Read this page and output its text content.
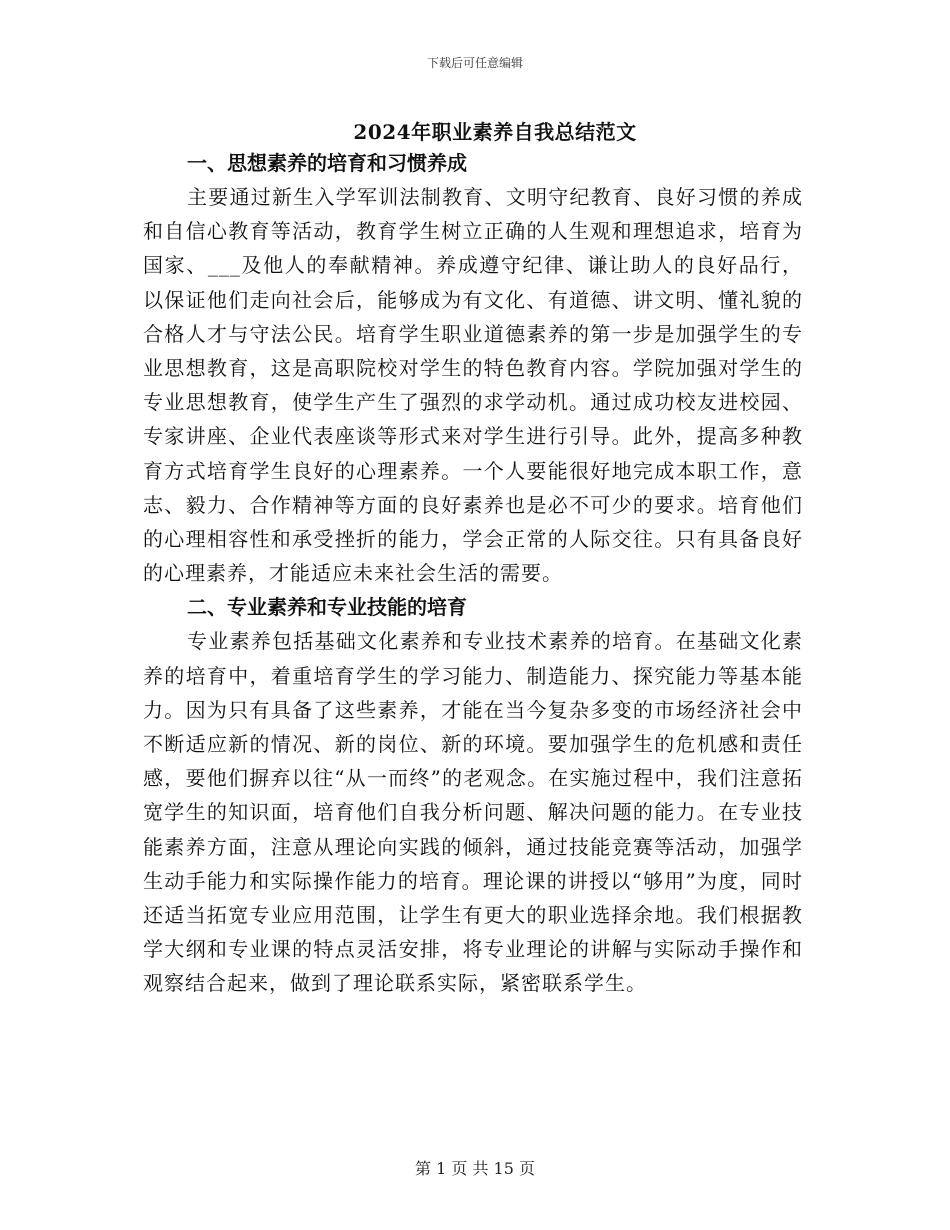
下载后可任意编辑
2024年职业素养自我总结范文

一、思想素养的培育和习惯养成

主要通过新生入学军训法制教育、文明守纪教育、良好习惯的养成和自信心教育等活动，教育学生树立正确的人生观和理想追求，培育为国家、___及他人的奉献精神。养成遵守纪律、谦让助人的良好品行，以保证他们走向社会后，能够成为有文化、有道德、讲文明、懂礼貌的合格人才与守法公民。培育学生职业道德素养的第一步是加强学生的专业思想教育，这是高职院校对学生的特色教育内容。学院加强对学生的专业思想教育，使学生产生了强烈的求学动机。通过成功校友进校园、专家讲座、企业代表座谈等形式来对学生进行引导。此外，提高多种教育方式培育学生良好的心理素养。一个人要能很好地完成本职工作，意志、毅力、合作精神等方面的良好素养也是必不可少的要求。培育他们的心理相容性和承受挫折的能力，学会正常的人际交往。只有具备良好的心理素养，才能适应未来社会生活的需要。

二、专业素养和专业技能的培育

专业素养包括基础文化素养和专业技术素养的培育。在基础文化素养的培育中，着重培育学生的学习能力、制造能力、探究能力等基本能力。因为只有具备了这些素养，才能在当今复杂多变的市场经济社会中不断适应新的情况、新的岗位、新的环境。要加强学生的危机感和责任感，要他们摒弃以往“从一而终”的老观念。在实施过程中，我们注意拓宽学生的知识面，培育他们自我分析问题、解决问题的能力。在专业技能素养方面，注意从理论向实践的倾斜，通过技能竞赛等活动，加强学生动手能力和实际操作能力的培育。理论课的讲授以“够用”为度，同时还适当拓宽专业应用范围，让学生有更大的职业选择余地。我们根据教学大纲和专业课的特点灵活安排，将专业理论的讲解与实际动手操作和观察结合起来，做到了理论联系实际，紧密联系学生。

第 1 页 共 15 页
